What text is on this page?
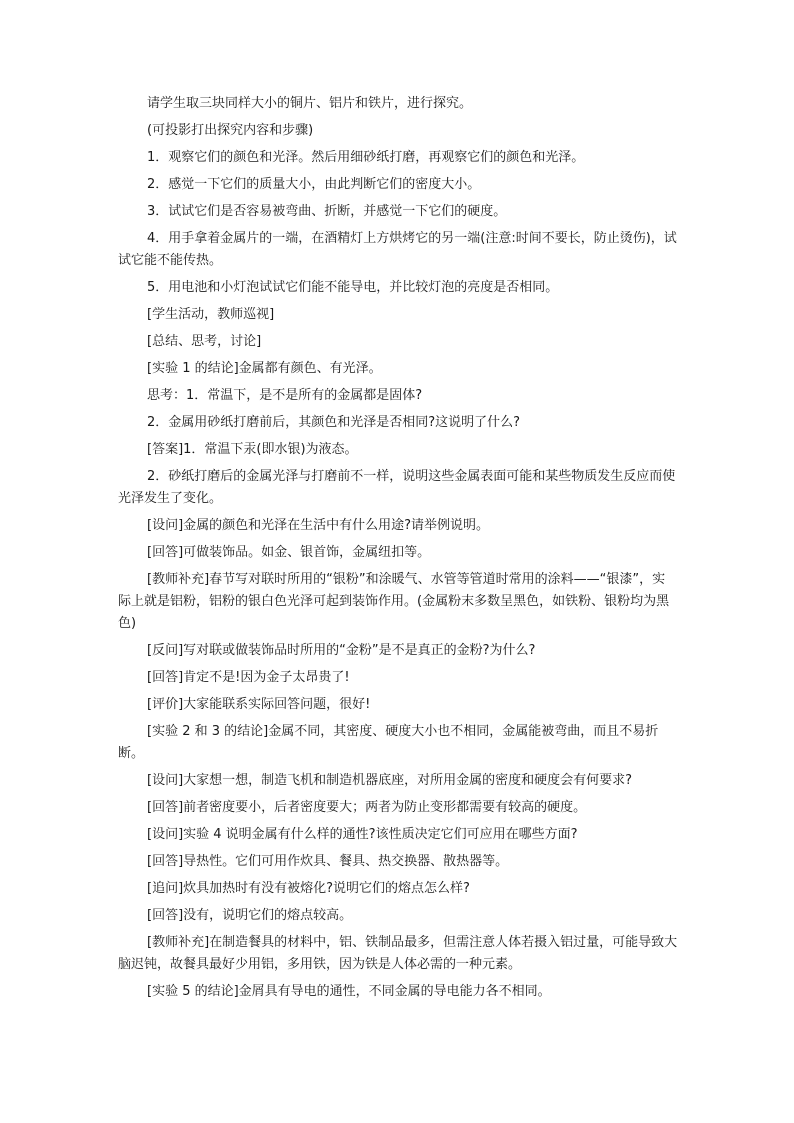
请学生取三块同样大小的铜片、铝片和铁片，进行探究。

(可投影打出探究内容和步骤)

1．观察它们的颜色和光泽。然后用细砂纸打磨，再观察它们的颜色和光泽。

2．感觉一下它们的质量大小，由此判断它们的密度大小。

3．试试它们是否容易被弯曲、折断，并感觉一下它们的硬度。

4．用手拿着金属片的一端，在酒精灯上方烘烤它的另一端(注意:时间不要长，防止烫伤)，试试它能不能传热。

5．用电池和小灯泡试试它们能不能导电，并比较灯泡的亮度是否相同。

[学生活动，教师巡视]

[总结、思考，讨论]

[实验 1 的结论]金属都有颜色、有光泽。

思考：1．常温下，是不是所有的金属都是固体?

2．金属用砂纸打磨前后，其颜色和光泽是否相同?这说明了什么?

[答案]1．常温下汞(即水银)为液态。

2．砂纸打磨后的金属光泽与打磨前不一样，说明这些金属表面可能和某些物质发生反应而使光泽发生了变化。

[设问]金属的颜色和光泽在生活中有什么用途?请举例说明。

[回答]可做装饰品。如金、银首饰，金属纽扣等。

[教师补充]春节写对联时所用的“银粉”和涂暖气、水管等管道时常用的涂料——“银漆”，实际上就是铝粉，铝粉的银白色光泽可起到装饰作用。(金属粉末多数呈黑色，如铁粉、银粉均为黑色)

[反问]写对联或做装饰品时所用的“金粉”是不是真正的金粉?为什么?

[回答]肯定不是!因为金子太昂贵了!

[评价]大家能联系实际回答问题，很好!

[实验 2 和 3 的结论]金属不同，其密度、硬度大小也不相同，金属能被弯曲，而且不易折断。

[设问]大家想一想，制造飞机和制造机器底座，对所用金属的密度和硬度会有何要求?

[回答]前者密度要小，后者密度要大；两者为防止变形都需要有较高的硬度。

[设问]实验 4 说明金属有什么样的通性?该性质决定它们可应用在哪些方面?

[回答]导热性。它们可用作炊具、餐具、热交换器、散热器等。

[追问]炊具加热时有没有被熔化?说明它们的熔点怎么样?

[回答]没有，说明它们的熔点较高。

[教师补充]在制造餐具的材料中，铝、铁制品最多，但需注意人体若摄入铝过量，可能导致大脑迟钝，故餐具最好少用铝，多用铁，因为铁是人体必需的一种元素。

[实验 5 的结论]金屑具有导电的通性，不同金属的导电能力各不相同。
